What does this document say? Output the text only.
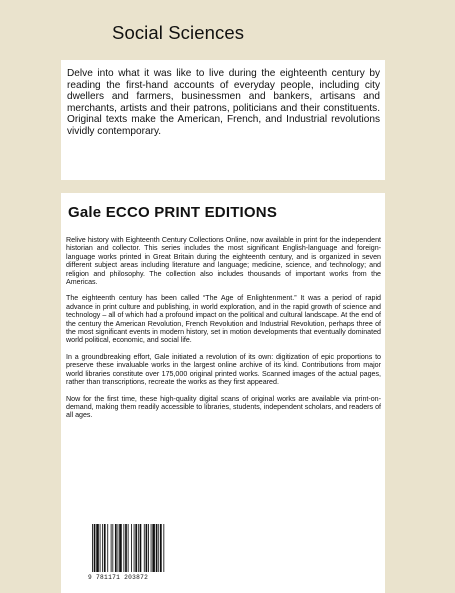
Social Sciences
Delve into what it was like to live during the eighteenth century by reading the first-hand accounts of everyday people, including city dwellers and farmers, businessmen and bankers, artisans and merchants, artists and their patrons, politicians and their constituents. Original texts make the American, French, and Industrial revolutions vividly contemporary.
Gale ECCO PRINT EDITIONS

Relive history with Eighteenth Century Collections Online, now available in print for the independent historian and collector. This series includes the most significant English-language and foreign-language works printed in Great Britain during the eighteenth century, and is organized in seven different subject areas including literature and language; medicine, science, and technology; and religion and philosophy. The collection also includes thousands of important works from the Americas.

The eighteenth century has been called “The Age of Enlightenment.” It was a period of rapid advance in print culture and publishing, in world exploration, and in the rapid growth of science and technology – all of which had a profound impact on the political and cultural landscape. At the end of the century the American Revolution, French Revolution and Industrial Revolution, perhaps three of the most significant events in modern history, set in motion developments that eventually dominated world political, economic, and social life.

In a groundbreaking effort, Gale initiated a revolution of its own: digitization of epic proportions to preserve these invaluable works in the largest online archive of its kind. Contributions from major world libraries constitute over 175,000 original printed works. Scanned images of the actual pages, rather than transcriptions, recreate the works as they first appeared.

Now for the first time, these high-quality digital scans of original works are available via print-on-demand, making them readily accessible to libraries, students, independent scholars, and readers of all ages.

9 781171 203872
